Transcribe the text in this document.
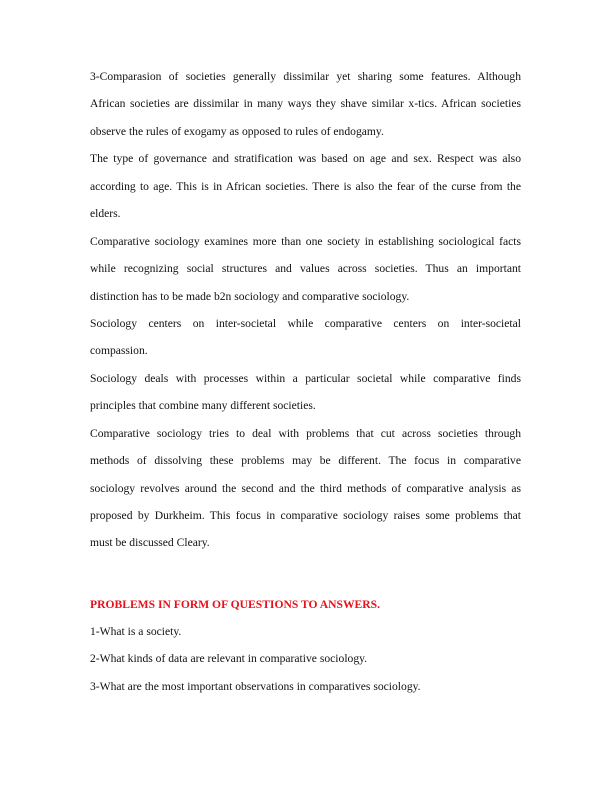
3-Comparasion of societies generally dissimilar yet sharing some features. Although
African societies are dissimilar in many ways they shave similar x-tics. African societies
observe the rules of exogamy as opposed to rules of endogamy.
The type of governance and stratification was based on age and sex. Respect was also
according to age. This is in African societies. There is also the fear of the curse from the
elders.
Comparative sociology examines more than one society in establishing sociological facts
while recognizing social structures and values across societies. Thus an important
distinction has to be made b2n sociology and comparative sociology.
Sociology centers on inter-societal while comparative centers on inter-societal
compassion.
Sociology deals with processes within a particular societal while comparative finds
principles that combine many different societies.
Comparative sociology tries to deal with problems that cut across societies through
methods of dissolving these problems may be different. The focus in comparative
sociology revolves around the second and the third methods of comparative analysis as
proposed by Durkheim. This focus in comparative sociology raises some problems that
must be discussed Cleary.
PROBLEMS IN FORM OF QUESTIONS TO ANSWERS.
1-What is a society.
2-What kinds of data are relevant in comparative sociology.
3-What are the most important observations in comparatives sociology.
